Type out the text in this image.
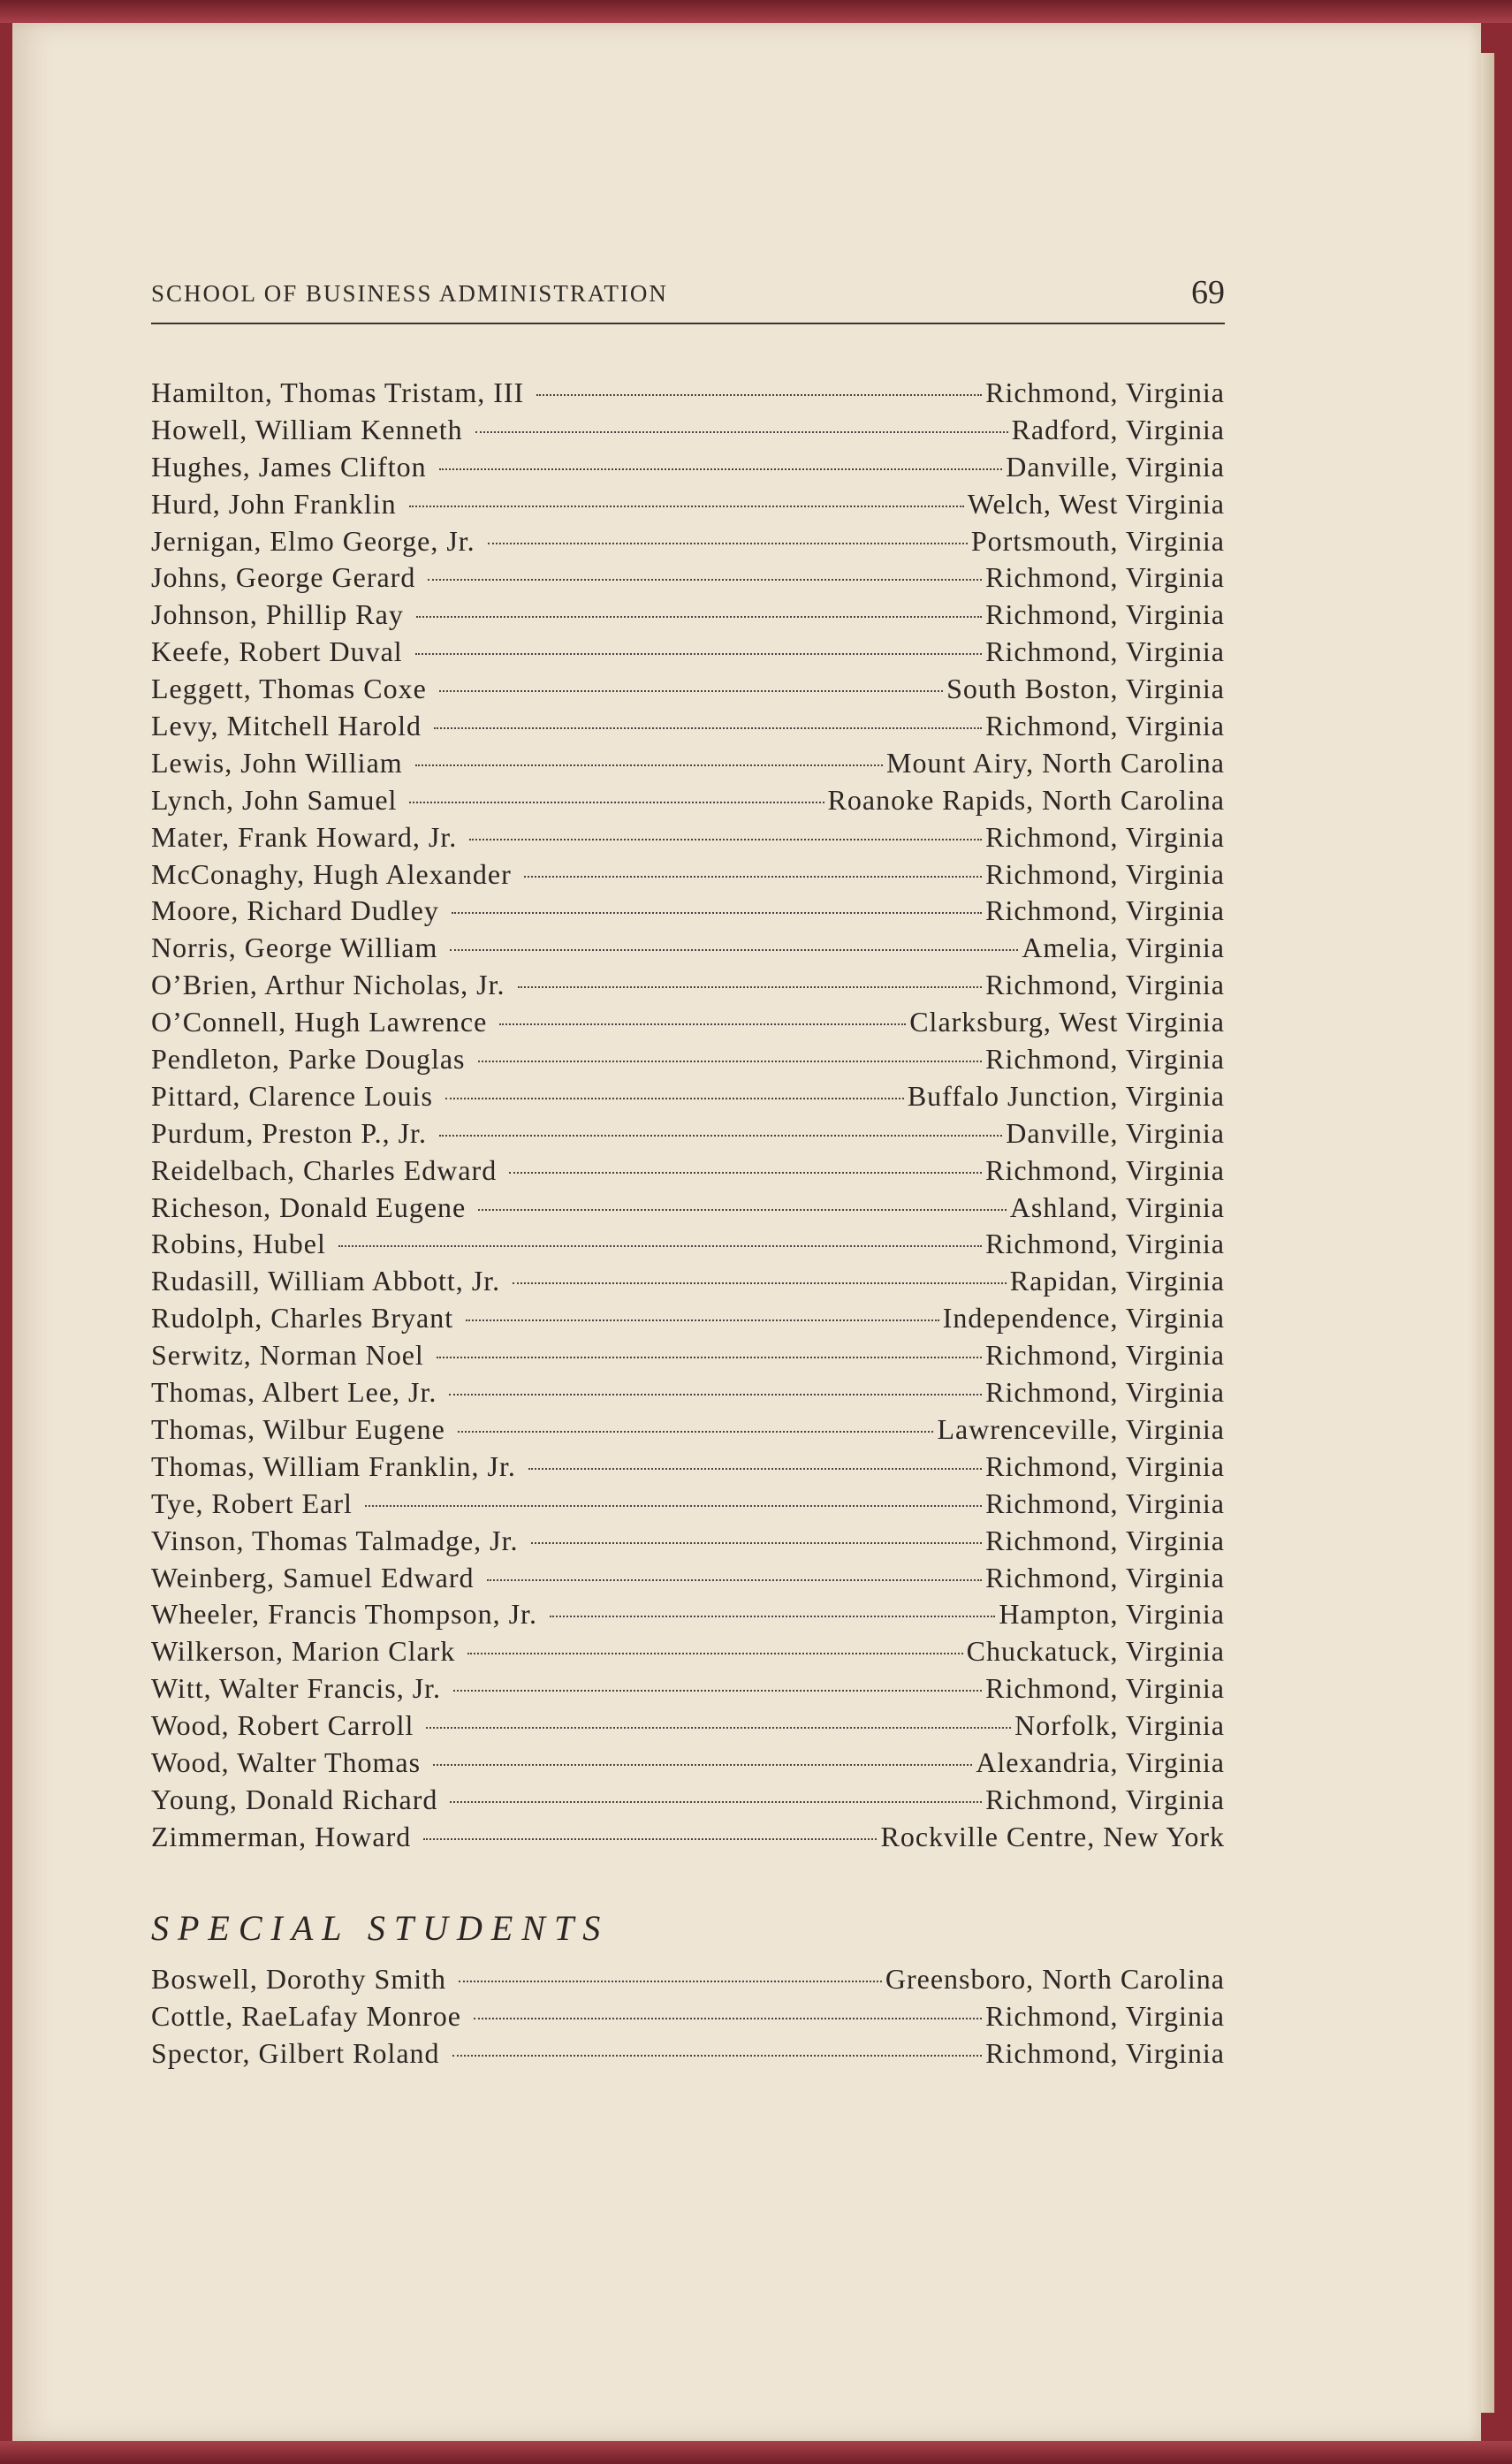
SCHOOL OF BUSINESS ADMINISTRATION	69
Hamilton, Thomas Tristam, III	Richmond, Virginia
Howell, William Kenneth	Radford, Virginia
Hughes, James Clifton	Danville, Virginia
Hurd, John Franklin	Welch, West Virginia
Jernigan, Elmo George, Jr.	Portsmouth, Virginia
Johns, George Gerard	Richmond, Virginia
Johnson, Phillip Ray	Richmond, Virginia
Keefe, Robert Duval	Richmond, Virginia
Leggett, Thomas Coxe	South Boston, Virginia
Levy, Mitchell Harold	Richmond, Virginia
Lewis, John William	Mount Airy, North Carolina
Lynch, John Samuel	Roanoke Rapids, North Carolina
Mater, Frank Howard, Jr.	Richmond, Virginia
McConaghy, Hugh Alexander	Richmond, Virginia
Moore, Richard Dudley	Richmond, Virginia
Norris, George William	Amelia, Virginia
O’Brien, Arthur Nicholas, Jr.	Richmond, Virginia
O’Connell, Hugh Lawrence	Clarksburg, West Virginia
Pendleton, Parke Douglas	Richmond, Virginia
Pittard, Clarence Louis	Buffalo Junction, Virginia
Purdum, Preston P., Jr.	Danville, Virginia
Reidelbach, Charles Edward	Richmond, Virginia
Richeson, Donald Eugene	Ashland, Virginia
Robins, Hubel	Richmond, Virginia
Rudasill, William Abbott, Jr.	Rapidan, Virginia
Rudolph, Charles Bryant	Independence, Virginia
Serwitz, Norman Noel	Richmond, Virginia
Thomas, Albert Lee, Jr.	Richmond, Virginia
Thomas, Wilbur Eugene	Lawrenceville, Virginia
Thomas, William Franklin, Jr.	Richmond, Virginia
Tye, Robert Earl	Richmond, Virginia
Vinson, Thomas Talmadge, Jr.	Richmond, Virginia
Weinberg, Samuel Edward	Richmond, Virginia
Wheeler, Francis Thompson, Jr.	Hampton, Virginia
Wilkerson, Marion Clark	Chuckatuck, Virginia
Witt, Walter Francis, Jr.	Richmond, Virginia
Wood, Robert Carroll	Norfolk, Virginia
Wood, Walter Thomas	Alexandria, Virginia
Young, Donald Richard	Richmond, Virginia
Zimmerman, Howard	Rockville Centre, New York
SPECIAL STUDENTS
Boswell, Dorothy Smith	Greensboro, North Carolina
Cottle, RaeLafay Monroe	Richmond, Virginia
Spector, Gilbert Roland	Richmond, Virginia
